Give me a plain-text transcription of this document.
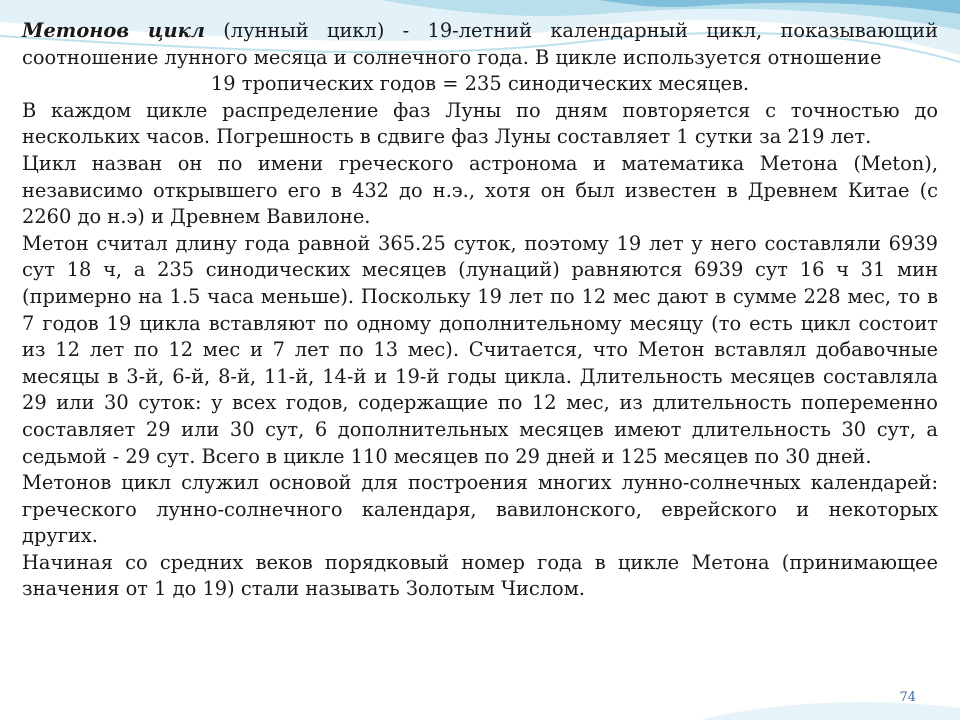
Метонов цикл (лунный цикл) - 19-летний календарный цикл, показывающий соотношение лунного месяца и солнечного года. В цикле используется отношение

19 тропических годов = 235 синодических месяцев.

В каждом цикле распределение фаз Луны по дням повторяется с точностью до нескольких часов. Погрешность в сдвиге фаз Луны составляет 1 сутки за 219 лет.

Цикл назван он по имени греческого астронома и математика Метона (Meton), независимо открывшего его в 432 до н.э., хотя он был известен в Древнем Китае (с 2260 до н.э) и Древнем Вавилоне.

Метон считал длину года равной 365.25 суток, поэтому 19 лет у него составляли 6939 сут 18 ч, а 235 синодических месяцев (лунаций) равняются 6939 сут 16 ч 31 мин (примерно на 1.5 часа меньше). Поскольку 19 лет по 12 мес дают в сумме 228 мес, то в 7 годов 19 цикла вставляют по одному дополнительному месяцу (то есть цикл состоит из 12 лет по 12 мес и 7 лет по 13 мес). Считается, что Метон вставлял добавочные месяцы в 3-й, 6-й, 8-й, 11-й, 14-й и 19-й годы цикла. Длительность месяцев составляла 29 или 30 суток: у всех годов, содержащие по 12 мес, из длительность попеременно составляет 29 или 30 сут, 6 дополнительных месяцев имеют длительность 30 сут, а седьмой - 29 сут. Всего в цикле 110 месяцев по 29 дней и 125 месяцев по 30 дней.

Метонов цикл служил основой для построения многих лунно-солнечных календарей: греческого лунно-солнечного календаря, вавилонского, еврейского и некоторых других.

Начиная со средних веков порядковый номер года в цикле Метона (принимающее значения от 1 до 19) стали называть Золотым Числом.

74
